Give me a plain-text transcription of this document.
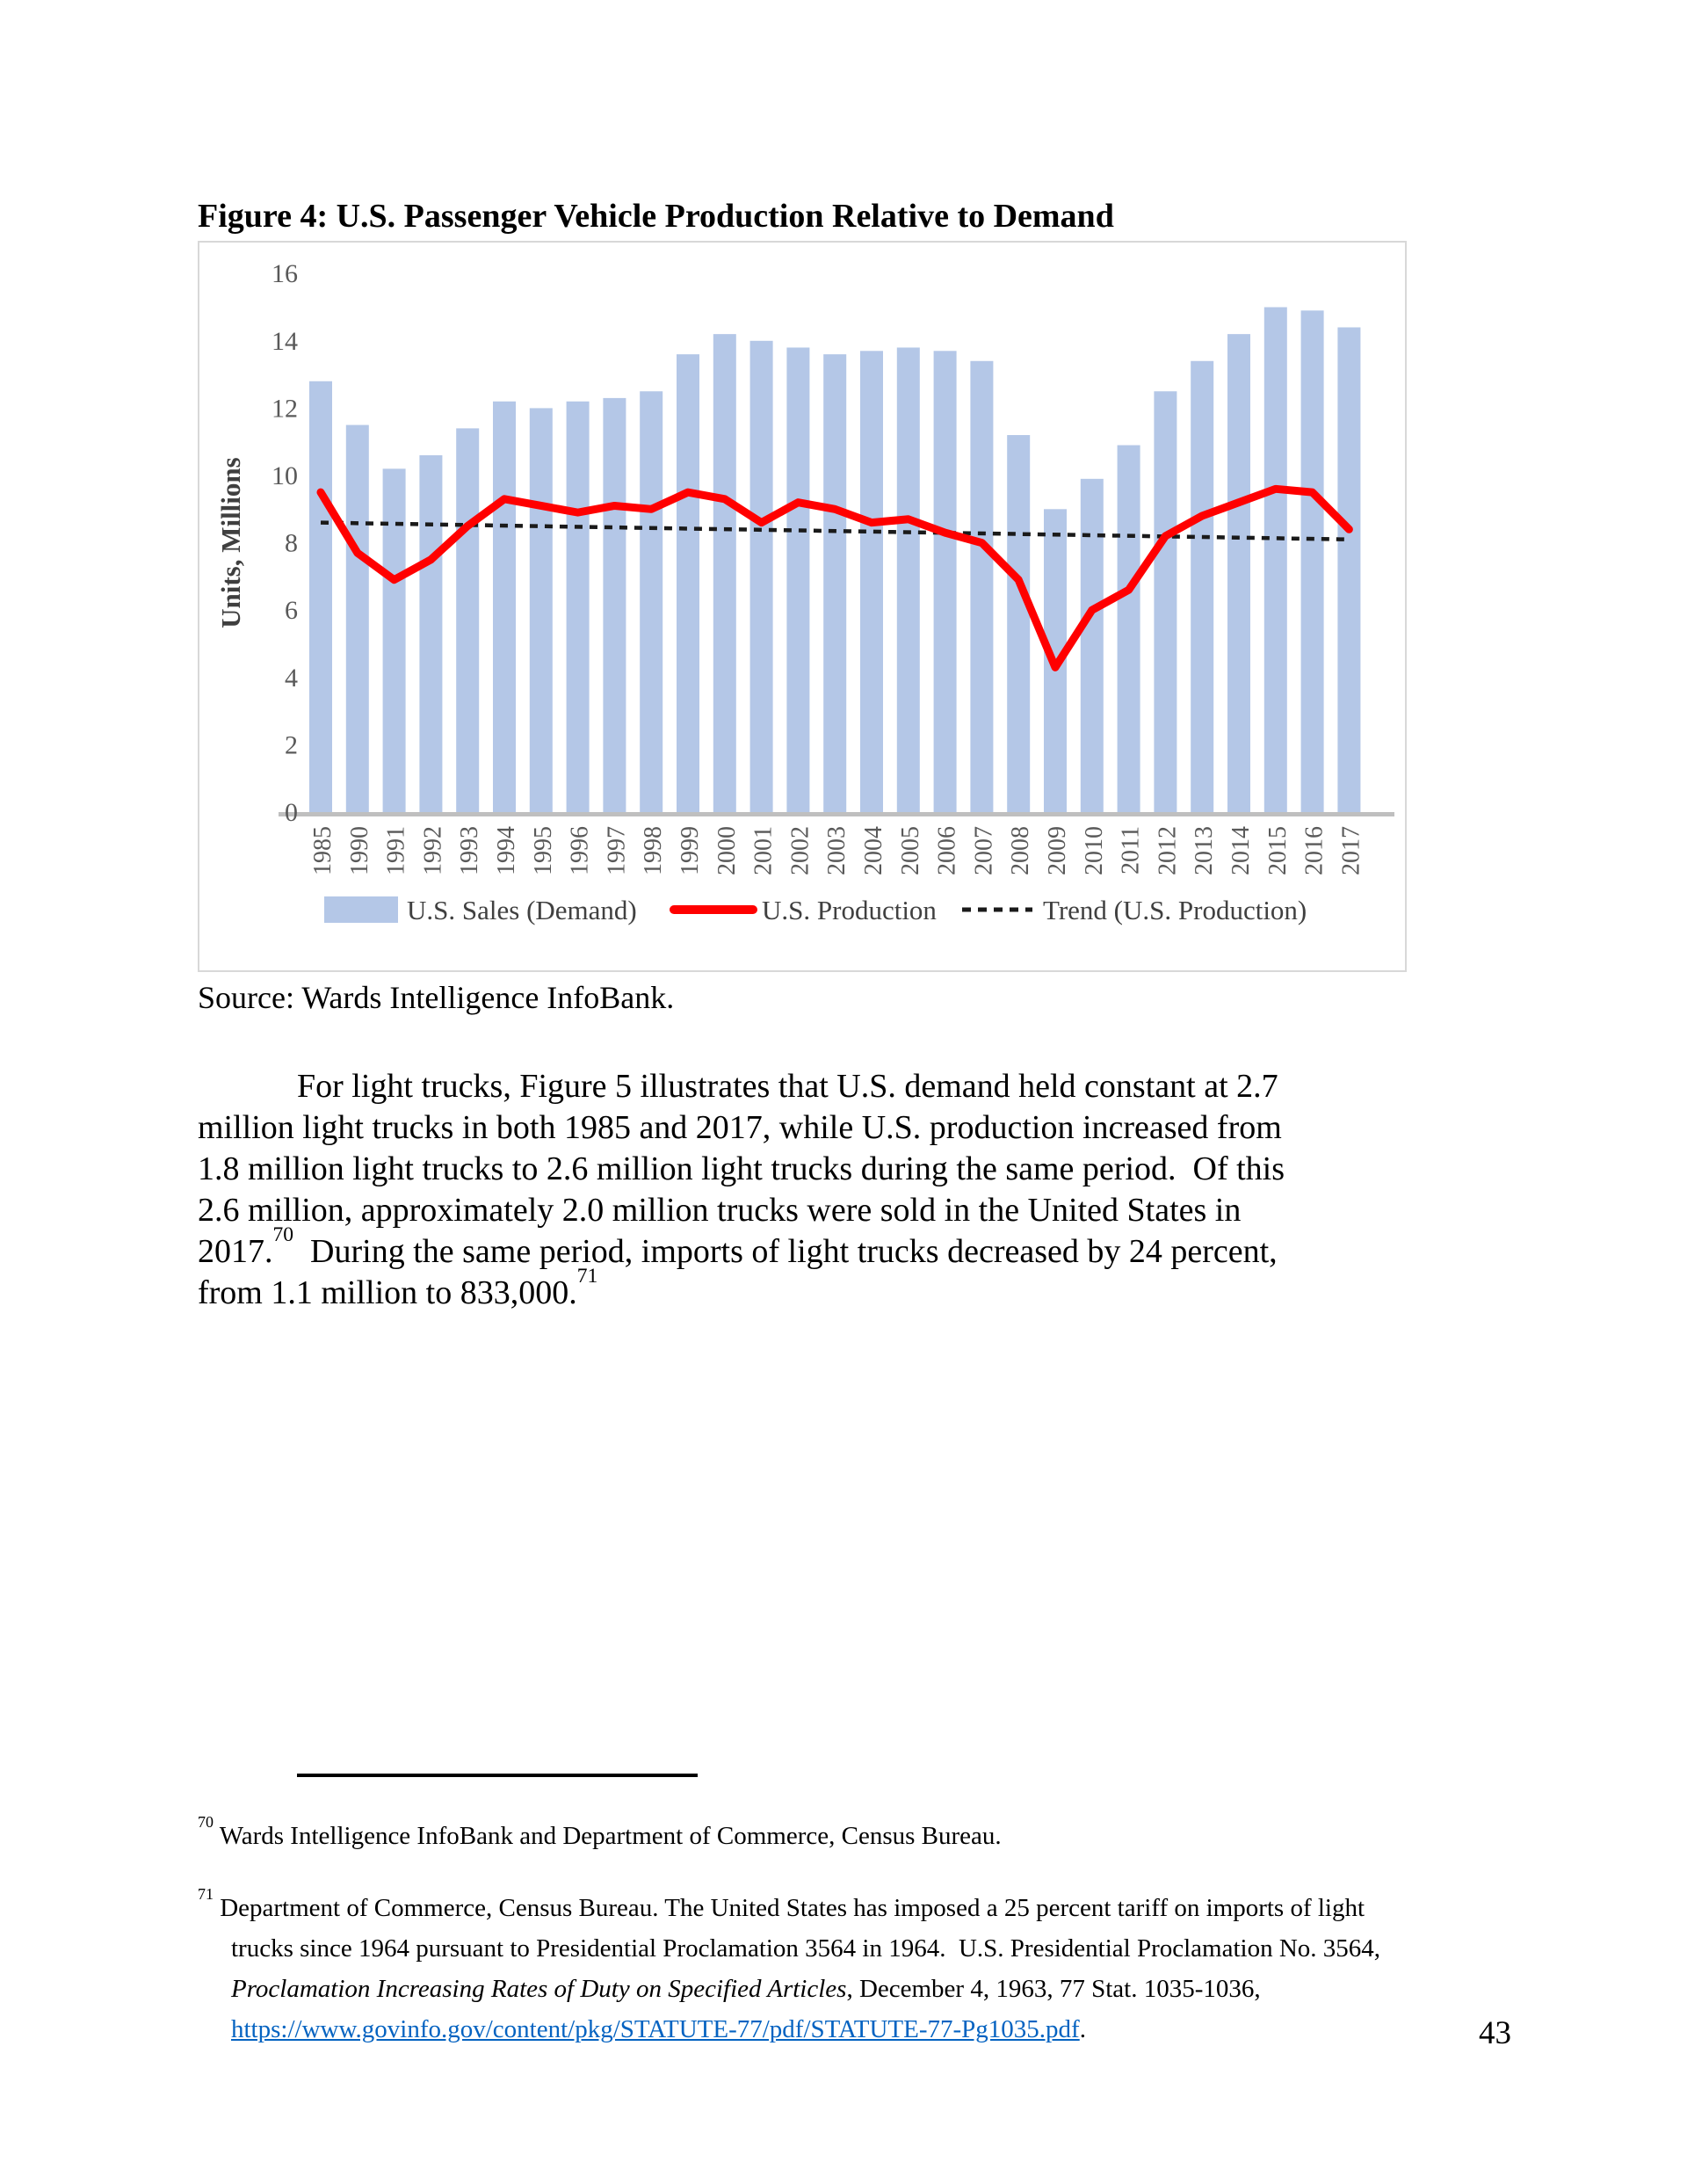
Figure 4: U.S. Passenger Vehicle Production Relative to Demand
0
2
4
6
8
10
12
14
16
Units, Millions
1985 1990 1991 1992 1993 1994 1995 1996 1997 1998 1999 2000 2001 2002 2003 2004 2005 2006 2007 2008 2009 2010 2011 2012 2013 2014 2015 2016 2017
U.S. Sales (Demand)	U.S. Production	Trend (U.S. Production)
Source: Wards Intelligence InfoBank.
For light trucks, Figure 5 illustrates that U.S. demand held constant at 2.7
million light trucks in both 1985 and 2017, while U.S. production increased from
1.8 million light trucks to 2.6 million light trucks during the same period.  Of this
2.6 million, approximately 2.0 million trucks were sold in the United States in
2017.70  During the same period, imports of light trucks decreased by 24 percent,
from 1.1 million to 833,000.71
$^{70}$ Wards Intelligence InfoBank and Department of Commerce, Census Bureau.
$^{71}$ Department of Commerce, Census Bureau. The United States has imposed a 25 percent tariff on imports of light
trucks since 1964 pursuant to Presidential Proclamation 3564 in 1964.  U.S. Presidential Proclamation No. 3564,
Proclamation Increasing Rates of Duty on Specified Articles, December 4, 1963, 77 Stat. 1035-1036,
https://www.govinfo.gov/content/pkg/STATUTE-77/pdf/STATUTE-77-Pg1035.pdf.	43
